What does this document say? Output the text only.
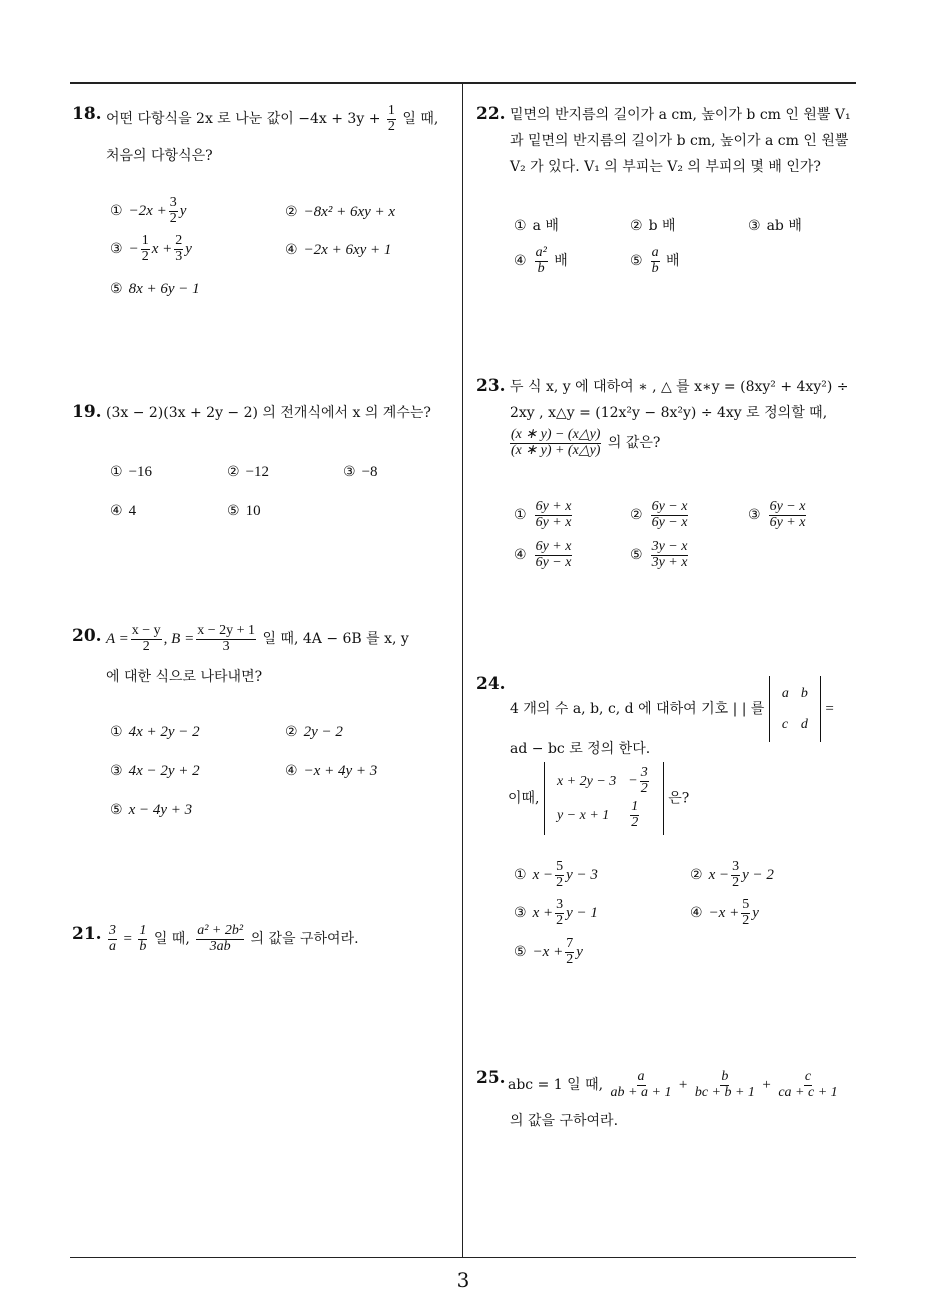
3
18. 어떤 다항식을 2x 로 나눈 값이 $-4x + 3y + \frac{1}{2}$ 일 때,
처음의 다항식은?
① $-2x + \frac{3}{2}$ y	② −8x² + 6xy + x
③ − $\frac{1}{2}$ $x + \frac{2}{3}$ y	④ −2x + 6xy + 1
⑤ 8x + 6y − 1
19. (3x − 2)(3x + 2y − 2) 의 전개식에서 x 의 계수는?
① −16	② −12	③ −8
④ 4	⑤ 10
20. $A = \frac{x - y}{2}$ , $B = \frac{x - 2y + 1}{3}$ 일 때, 4A − 6B 를 x, y
에 대한 식으로 나타내면?
① 4x + 2y − 2	② 2y − 2
③ 4x − 2y + 2	④ −x + 4y + 3
⑤ x − 4y + 3
21. $\frac{3}{a} = \frac{1}{b}$ 일 때, $\frac{\text{a² + 2b²}}{3ab}$ 의 값을 구하여라.
22. 밑면의 반지름의 길이가 a cm, 높이가 b cm 인 원뿔 V₁
과 밑면의 반지름의 길이가 b cm, 높이가 a cm 인 원뿔
V₂ 가 있다. V₁ 의 부피는 V₂ 의 부피의 몇 배 인가?
① a 배	② b 배	③ ab 배
④ $\frac{\text{a²}}{b}$ 배	⑤ $\frac{a}{b}$ 배
23. 두 식 x, y 에 대하여 ∗ , △ 를 x∗y = (8xy² + 4xy²) ÷
2xy , x△y = (12x²y − 8x²y) ÷ 4xy 로 정의할 때,
$\frac{(x ∗ y) - (x\triangle y)}{(x ∗ y) + (x\triangle y)}$ 의 값은?
① $\frac{6y + x}{6y + x}$	② $\frac{6y - x}{6y - x}$	③ $\frac{6y - x}{6y + x}$
④ $\frac{6y + x}{6y - x}$	⑤ $\frac{3y - x}{3y + x}$
24.
4 개의 수 a, b, c, d 에 대하여 기호 | | 를
a	b
c	d
=
ad − bc 로 정의 한다.
이때,
x + 2y − 3	− $\frac{3}{2}$

y − x + 1	$\frac{1}{2}$
은?
① $x - \frac{5}{2}$ y − 3	② $x - \frac{3}{2}$ y − 2
③ $x + \frac{3}{2}$ y − 1	④ $-x + \frac{5}{2}$ y
⑤ $-x + \frac{7}{2}$ y
25. abc = 1 일 때, $\frac{a}{ab + a + 1} + \frac{b}{bc + b + 1} + \frac{c}{ca + c + 1}$
의 값을 구하여라.
